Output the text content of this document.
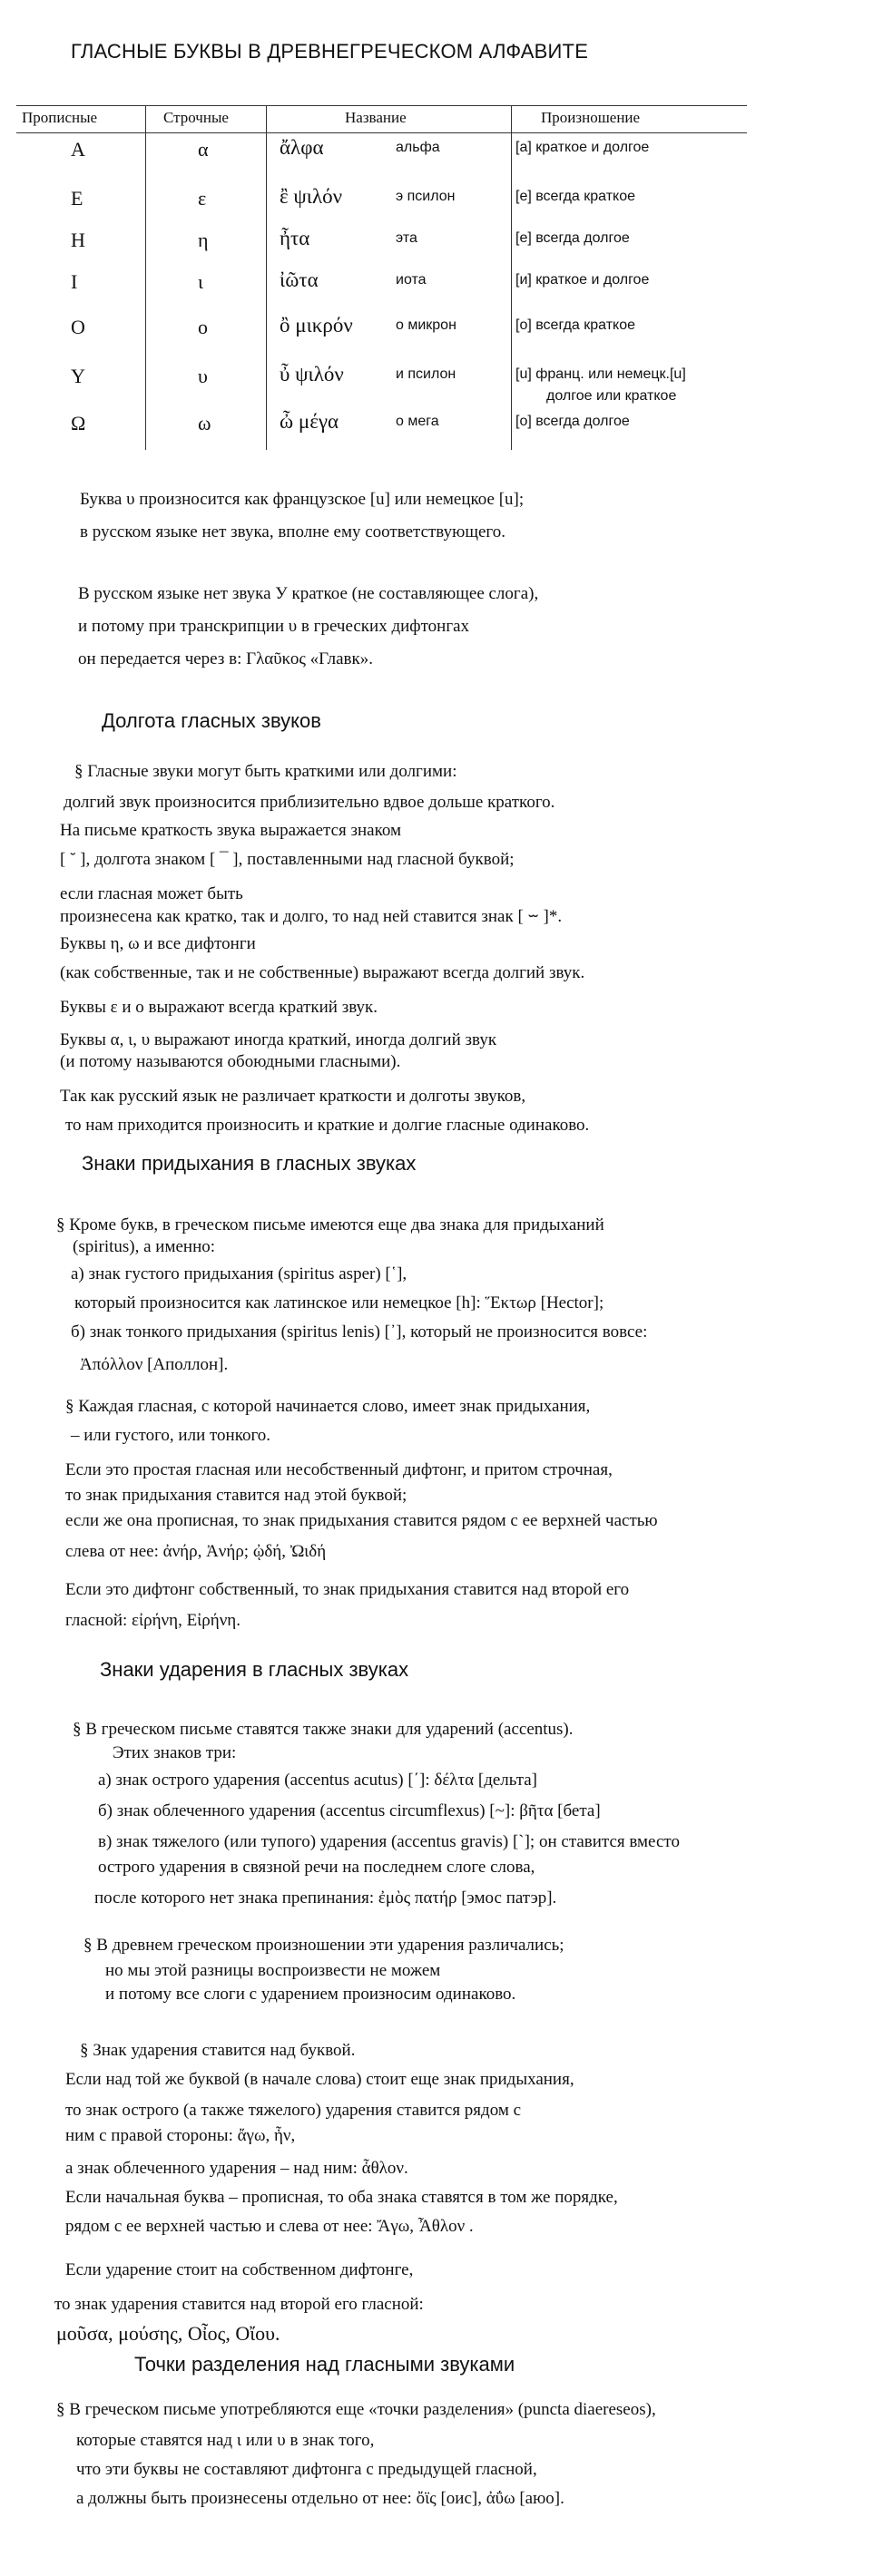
ГЛАСНЫЕ БУКВЫ В ДРЕВНЕГРЕЧЕСКОМ АЛФАВИТЕ
Прописные	Строчные	Название	Произношение
Α	α	ἄλφα	альфа	[а] краткое и долгое
Ε	ε	ἒ ψιλόν	э псилон	[е] всегда краткое
Η	η	ἦτα	эта	[е] всегда долгое
Ι	ι	ἰῶτα	иота	[и] краткое и долгое
Ο	ο	ὂ μικρόν	о микрон	[о] всегда краткое
Υ	υ	ὖ ψιλόν	и псилон	[u] франц. или немецк.[u]
долгое или краткое
Ω	ω	ὦ μέγα	о мега	[о] всегда долгое
Буква υ произносится как французское [u] или немецкое [u];
в русском языке нет звука, вполне ему соответствующего.
В русском языке нет звука У краткое (не составляющее слога),
и потому при транскрипции υ в греческих дифтонгах
он передается через в: Γλαῦκος «Главк».
Долгота гласных звуков
§ Гласные звуки могут быть краткими или долгими:
долгий звук произносится приблизительно вдвое дольше краткого.
На письме краткость звука выражается знаком
[ ˘ ], долгота знаком [ ¯ ], поставленными над гласной буквой;
если гласная может быть
произнесена как кратко, так и долго, то над ней ставится знак [ ⏖ ]*.
Буквы η, ω и все дифтонги
(как собственные, так и не собственные) выражают всегда долгий звук.
Буквы ε и ο выражают всегда краткий звук.
Буквы α, ι, υ выражают иногда краткий, иногда долгий звук
(и потому называются обоюдными гласными).
Так как русский язык не различает краткости и долготы звуков,
то нам приходится произносить и краткие и долгие гласные одинаково.
Знаки придыхания в гласных звуках
§ Кроме букв, в греческом письме имеются еще два знака для придыханий
(spiritus), а именно:
а) знак густого придыхания (spiritus asper) [῾],
который произносится как латинское или немецкое [h]: Ἕκτωρ [Hector];
б) знак тонкого придыхания (spiritus lenis) [᾿], который не произносится вовсе:
Ἀπόλλον [Аполлон].
§ Каждая гласная, с которой начинается слово, имеет знак придыхания,
– или густого, или тонкого.
Если это простая гласная или несобственный дифтонг, и притом строчная,
то знак придыхания ставится над этой буквой;
если же она прописная, то знак придыхания ставится рядом с ее верхней частью
слева от нее: ἀνήρ, Ἀνήρ; ᾠδή, Ὠιδή
Если это дифтонг собственный, то знак придыхания ставится над второй его
гласной: εἰρήνη, Εἰρήνη.
Знаки ударения в гласных звуках
§ В греческом письме ставятся также знаки для ударений (accentus).
Этих знаков три:
а) знак острого ударения (accentus acutus) [΄]: δέλτα [дельта]
б) знак облеченного ударения (accentus circumflexus) [~]: βῆτα [бета]
в) знак тяжелого (или тупого) ударения (accentus gravis) [`]; он ставится вместо
острого ударения в связной речи на последнем слоге слова,
после которого нет знака препинания: ἐμὸς πατήρ [эмос патэр].
§ В древнем греческом произношении эти ударения различались;
но мы этой разницы воспроизвести не можем
и потому все слоги с ударением произносим одинаково.
§ Знак ударения ставится над буквой.
Если над той же буквой (в начале слова) стоит еще знак придыхания,
то знак острого (а также тяжелого) ударения ставится рядом с
ним с правой стороны: ἄγω, ἦν,
а знак облеченного ударения – над ним: ἆθλον.
Если начальная буква – прописная, то оба знака ставятся в том же порядке,
рядом с ее верхней частью и слева от нее: Ἄγω, Ἆθλον .
Если ударение стоит на собственном дифтонге,
то знак ударения ставится над второй его гласной:
μοῦσα, μούσης, Οἶος, Οἴου.
Точки разделения над гласными звуками
§ В греческом письме употребляются еще «точки разделения» (puncta diaereseos),
которые ставятся над ι или υ в знак того,
что эти буквы не составляют дифтонга с предыдущей гласной,
а должны быть произнесены отдельно от нее: ὄϊς [оис], ἀΰω [аюо].
